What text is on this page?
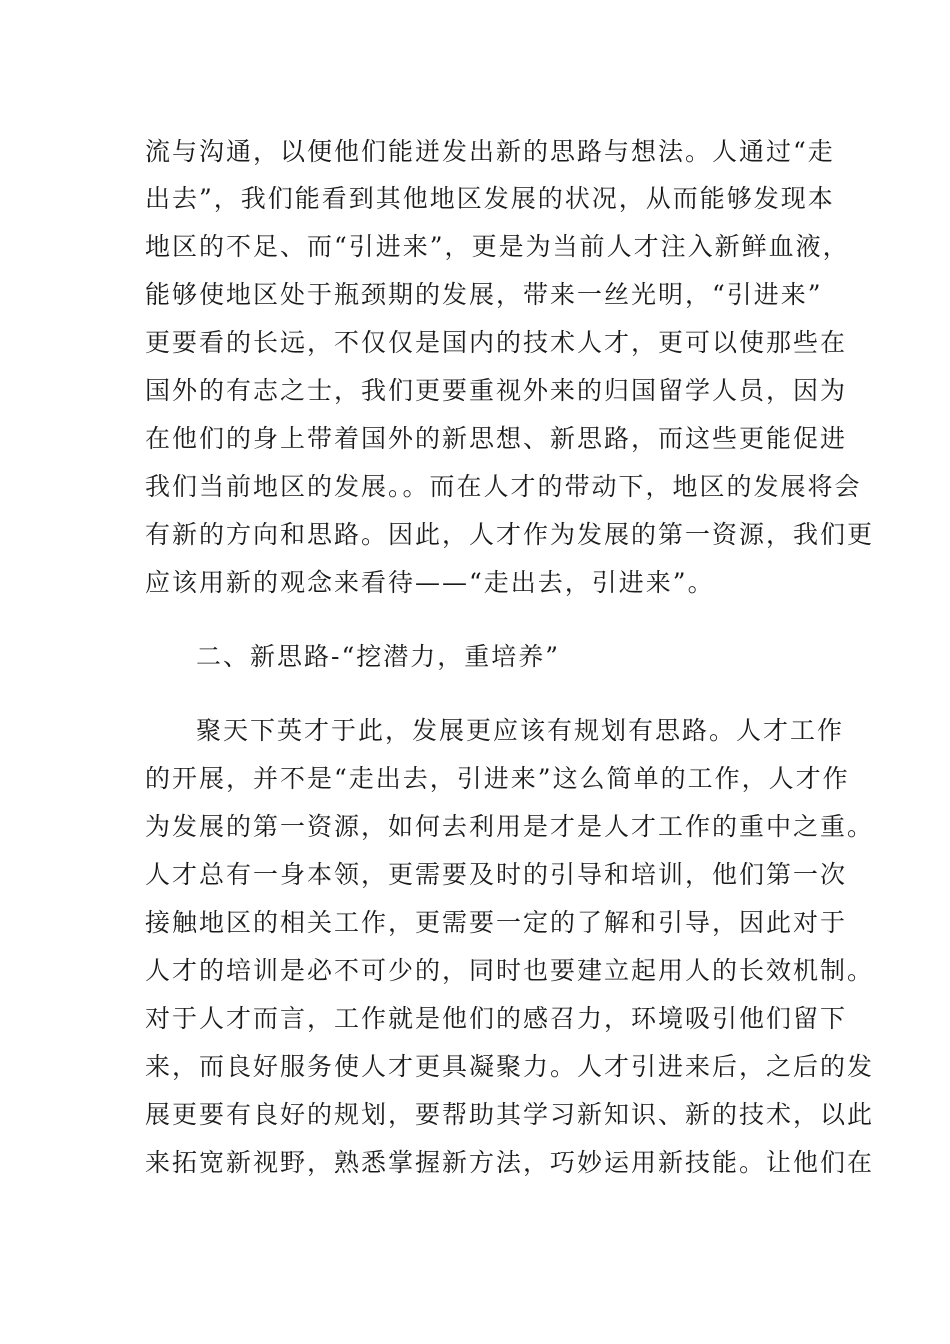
流与沟通，以便他们能迸发出新的思路与想法。人通过“走
出去”，我们能看到其他地区发展的状况，从而能够发现本
地区的不足、而“引进来”，更是为当前人才注入新鲜血液，
能够使地区处于瓶颈期的发展，带来一丝光明，“引进来”
更要看的长远，不仅仅是国内的技术人才，更可以使那些在
国外的有志之士，我们更要重视外来的归国留学人员，因为
在他们的身上带着国外的新思想、新思路，而这些更能促进
我们当前地区的发展。。而在人才的带动下，地区的发展将会
有新的方向和思路。因此，人才作为发展的第一资源，我们更
应该用新的观念来看待——“走出去，引进来”。
二、新思路-“挖潜力，重培养”
聚天下英才于此，发展更应该有规划有思路。人才工作
的开展，并不是“走出去，引进来”这么简单的工作，人才作
为发展的第一资源，如何去利用是才是人才工作的重中之重。
人才总有一身本领，更需要及时的引导和培训，他们第一次
接触地区的相关工作，更需要一定的了解和引导，因此对于
人才的培训是必不可少的，同时也要建立起用人的长效机制。
对于人才而言，工作就是他们的感召力，环境吸引他们留下
来，而良好服务使人才更具凝聚力。人才引进来后，之后的发
展更要有良好的规划，要帮助其学习新知识、新的技术，以此
来拓宽新视野，熟悉掌握新方法，巧妙运用新技能。让他们在
